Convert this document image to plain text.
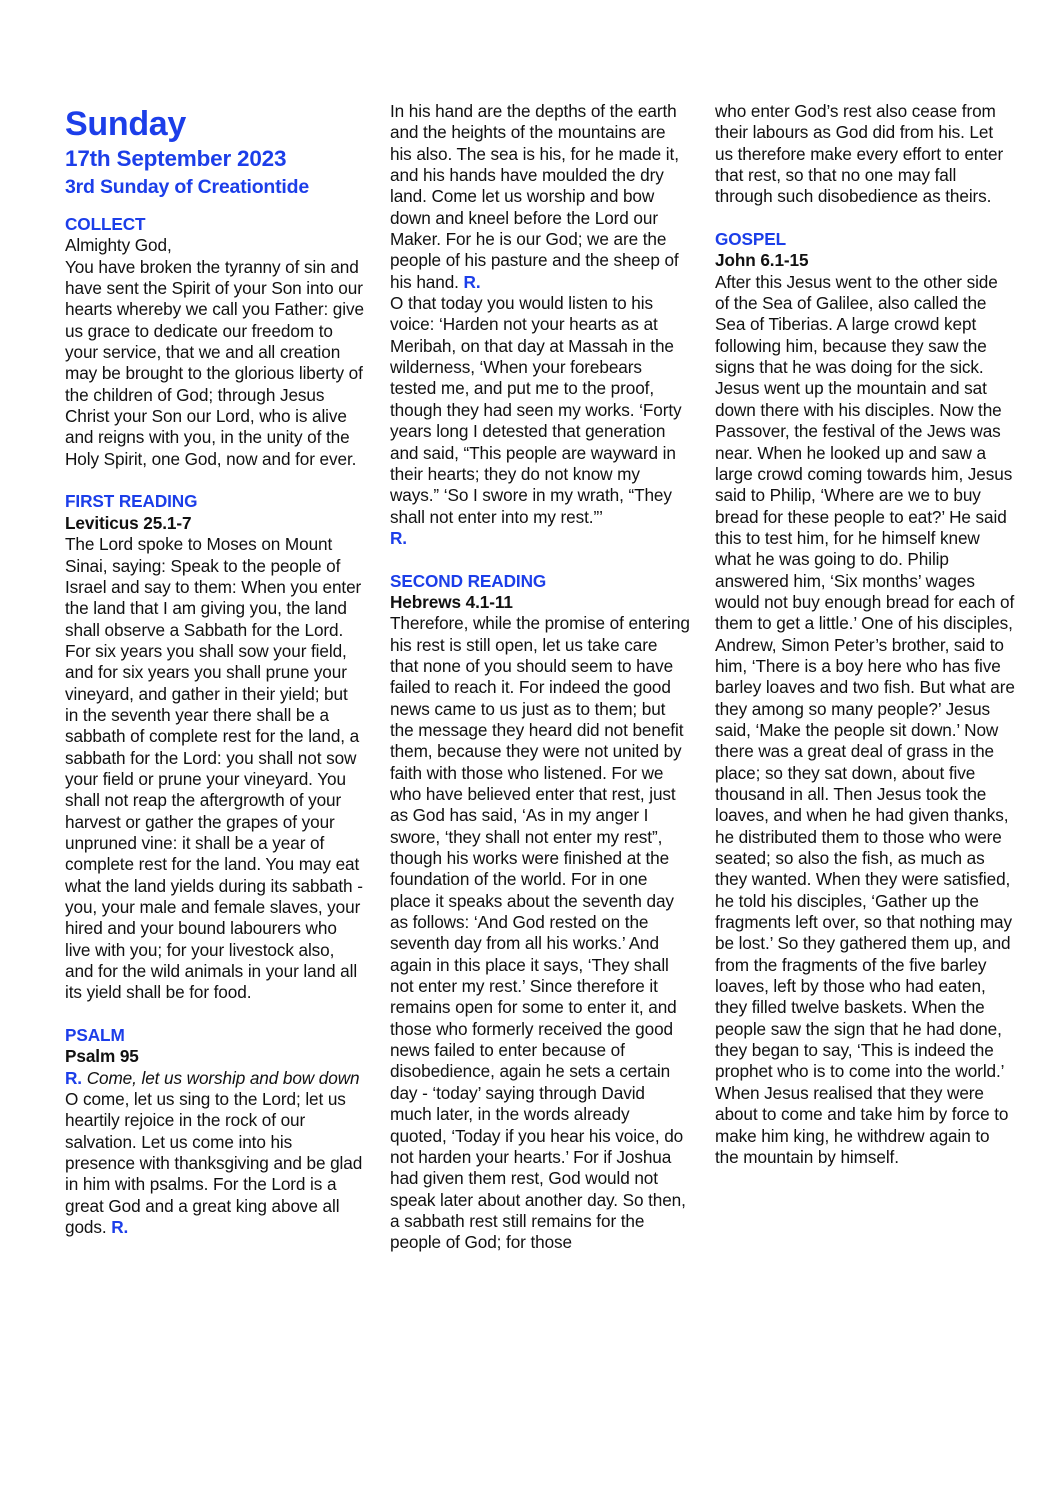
Sunday
17th September 2023
3rd Sunday of Creationtide

COLLECT

Almighty God,

You have broken the tyranny of sin and have sent the Spirit of your Son into our hearts whereby we call you Father: give us grace to dedicate our freedom to your service, that we and all creation may be brought to the glorious liberty of the children of God; through Jesus Christ your Son our Lord, who is alive and reigns with you, in the unity of the Holy Spirit, one God, now and for ever.

FIRST READING

Leviticus 25.1-7

The Lord spoke to Moses on Mount Sinai, saying: Speak to the people of Israel and say to them: When you enter the land that I am giving you, the land shall observe a Sabbath for the Lord. For six years you shall sow your field, and for six years you shall prune your vineyard, and gather in their yield; but in the seventh year there shall be a sabbath of complete rest for the land, a sabbath for the Lord: you shall not sow your field or prune your vineyard. You shall not reap the aftergrowth of your harvest or gather the grapes of your unpruned vine: it shall be a year of complete rest for the land. You may eat what the land yields during its sabbath - you, your male and female slaves, your hired and your bound labourers who live with you; for your livestock also, and for the wild animals in your land all its yield shall be for food.

PSALM

Psalm 95

R. Come, let us worship and bow down

O come, let us sing to the Lord; let us heartily rejoice in the rock of our salvation. Let us come into his presence with thanksgiving and be glad in him with psalms. For the Lord is a great God and a great king above all gods. R.

In his hand are the depths of the earth and the heights of the mountains are his also. The sea is his, for he made it, and his hands have moulded the dry land. Come let us worship and bow down and kneel before the Lord our Maker. For he is our God; we are the people of his pasture and the sheep of his hand. R.

O that today you would listen to his voice: ‘Harden not your hearts as at Meribah, on that day at Massah in the wilderness, ‘When your forebears tested me, and put me to the proof, though they had seen my works. ‘Forty years long I detested that generation and said, “This people are wayward in their hearts; they do not know my ways.” ‘So I swore in my wrath, “They shall not enter into my rest.”’
R.

SECOND READING

Hebrews 4.1-11

Therefore, while the promise of entering his rest is still open, let us take care that none of you should seem to have failed to reach it. For indeed the good news came to us just as to them; but the message they heard did not benefit them, because they were not united by faith with those who listened. For we who have believed enter that rest, just as God has said, ‘As in my anger I swore, ‘they shall not enter my rest”, though his works were finished at the foundation of the world. For in one place it speaks about the seventh day as follows: ‘And God rested on the seventh day from all his works.’ And again in this place it says, ‘They shall not enter my rest.’ Since therefore it remains open for some to enter it, and those who formerly received the good news failed to enter because of disobedience, again he sets a certain day - ‘today’ saying through David much later, in the words already quoted, ‘Today if you hear his voice, do not harden your hearts.’ For if Joshua had given them rest, God would not speak later about another day. So then, a sabbath rest still remains for the people of God; for those

who enter God’s rest also cease from their labours as God did from his. Let us therefore make every effort to enter that rest, so that no one may fall through such disobedience as theirs.

GOSPEL

John 6.1-15

After this Jesus went to the other side of the Sea of Galilee, also called the Sea of Tiberias. A large crowd kept following him, because they saw the signs that he was doing for the sick. Jesus went up the mountain and sat down there with his disciples. Now the Passover, the festival of the Jews was near. When he looked up and saw a large crowd coming towards him, Jesus said to Philip, ‘Where are we to buy bread for these people to eat?’ He said this to test him, for he himself knew what he was going to do. Philip answered him, ‘Six months’ wages would not buy enough bread for each of them to get a little.’ One of his disciples, Andrew, Simon Peter’s brother, said to him, ‘There is a boy here who has five barley loaves and two fish. But what are they among so many people?’ Jesus said, ‘Make the people sit down.’ Now there was a great deal of grass in the place; so they sat down, about five thousand in all. Then Jesus took the loaves, and when he had given thanks, he distributed them to those who were seated; so also the fish, as much as they wanted. When they were satisfied, he told his disciples, ‘Gather up the fragments left over, so that nothing may be lost.’ So they gathered them up, and from the fragments of the five barley loaves, left by those who had eaten, they filled twelve baskets. When the people saw the sign that he had done, they began to say, ‘This is indeed the prophet who is to come into the world.’ When Jesus realised that they were about to come and take him by force to make him king, he withdrew again to the mountain by himself.
